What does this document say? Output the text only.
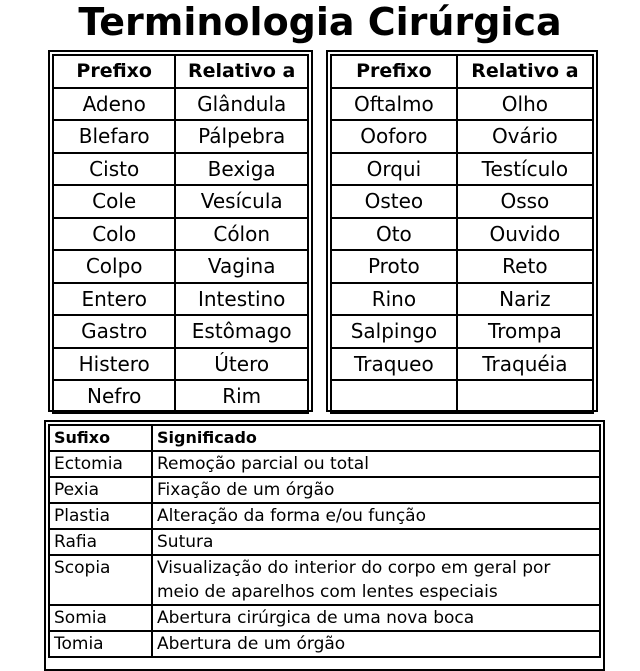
Terminologia Cirúrgica
Prefixo	Relativo a
Adeno	Glândula
Blefaro	Pálpebra
Cisto	Bexiga
Cole	Vesícula
Colo	Cólon
Colpo	Vagina
Entero	Intestino
Gastro	Estômago
Histero	Útero
Nefro	Rim
Prefixo	Relativo a
Oftalmo	Olho
Ooforo	Ovário
Orqui	Testículo
Osteo	Osso
Oto	Ouvido
Proto	Reto
Rino	Nariz
Salpingo	Trompa
Traqueo	Traquéia

Sufixo	Significado
Ectomia	Remoção parcial ou total
Pexia	Fixação de um órgão
Plastia	Alteração da forma e/ou função
Rafia	Sutura
Scopia	Visualização do interior do corpo em geral por meio de aparelhos com lentes especiais
Somia	Abertura cirúrgica de uma nova boca
Tomia	Abertura de um órgão
